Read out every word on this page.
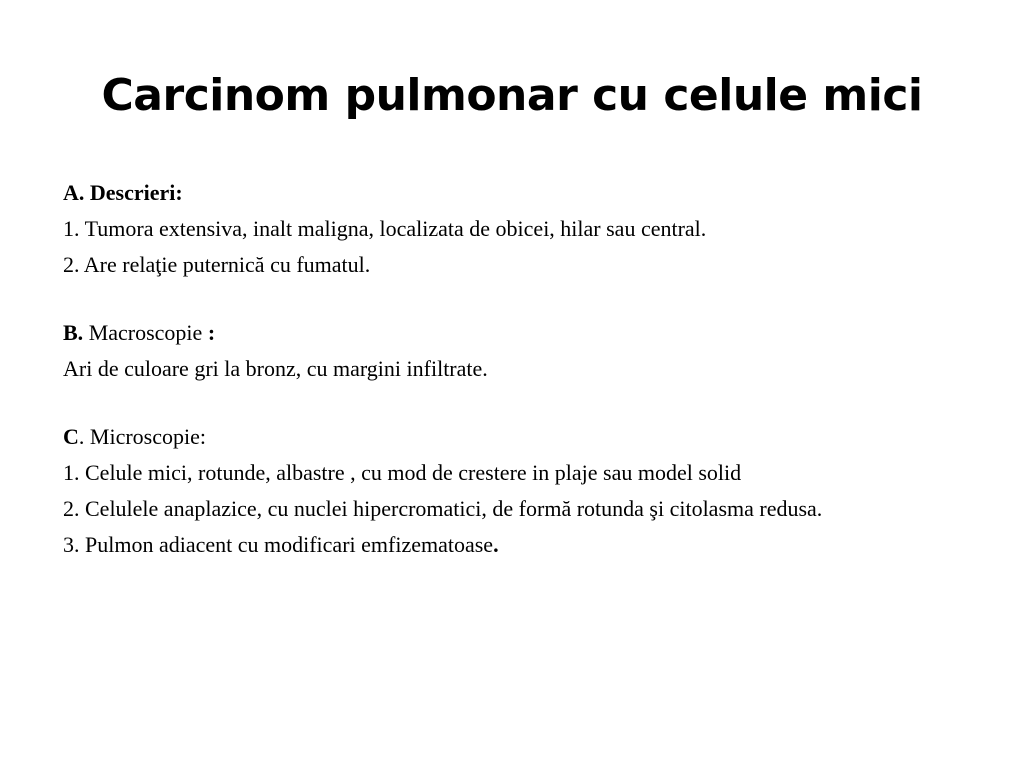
Carcinom pulmonar cu celule mici

A. Descrieri:

1. Tumora extensiva, inalt maligna, localizata de obicei, hilar sau central.

2. Are relaţie puternică cu fumatul.

B. Macroscopie :

Ari de culoare gri la bronz, cu margini infiltrate.

C. Microscopie:

1. Celule mici, rotunde, albastre , cu mod de crestere in plaje sau model solid

2. Celulele anaplazice, cu nuclei hipercromatici, de formă rotunda şi citolasma redusa.

3. Pulmon adiacent cu modificari emfizematoase.
